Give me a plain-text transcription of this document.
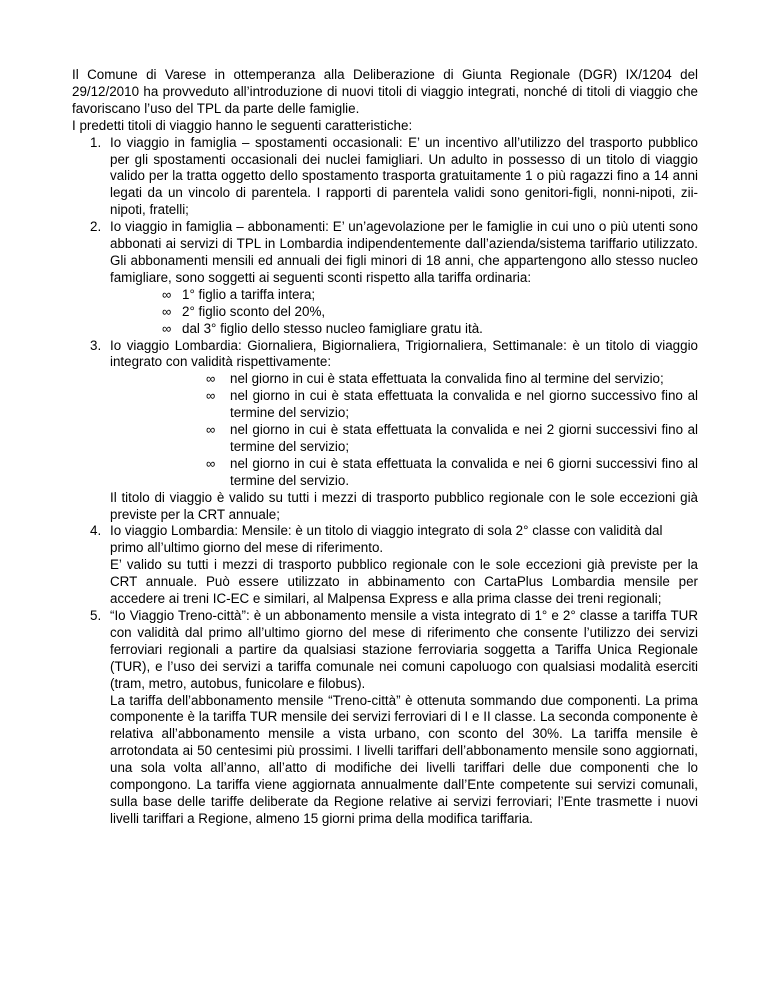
Il Comune di Varese in ottemperanza alla Deliberazione di Giunta Regionale (DGR) IX/1204 del 29/12/2010 ha provveduto all’introduzione di nuovi titoli di viaggio integrati, nonché di titoli di viaggio che favoriscano l’uso del TPL da parte delle famiglie.

I predetti titoli di viaggio hanno le seguenti caratteristiche:

1. Io viaggio in famiglia – spostamenti occasionali: E’ un incentivo all’utilizzo del trasporto pubblico per gli spostamenti occasionali dei nuclei famigliari. Un adulto in possesso di un titolo di viaggio valido per la tratta oggetto dello spostamento trasporta gratuitamente 1 o più ragazzi fino a 14 anni legati da un vincolo di parentela. I rapporti di parentela validi sono genitori-figli, nonni-nipoti, zii-nipoti, fratelli;

2. Io viaggio in famiglia – abbonamenti: E’ un’agevolazione per le famiglie in cui uno o più utenti sono abbonati ai servizi di TPL in Lombardia indipendentemente dall’azienda/sistema tariffario utilizzato. Gli abbonamenti mensili ed annuali dei figli minori di 18 anni, che appartengono allo stesso nucleo famigliare, sono soggetti ai seguenti sconti rispetto alla tariffa ordinaria:

∞ 1° figlio a tariffa intera;
∞ 2° figlio sconto del 20%,
∞ dal 3° figlio dello stesso nucleo famigliare gratu ità.
3. Io viaggio Lombardia: Giornaliera, Bigiornaliera, Trigiornaliera, Settimanale: è un titolo di viaggio integrato con validità rispettivamente:

∞ nel giorno in cui è stata effettuata la convalida fino al termine del servizio;

∞ nel giorno in cui è stata effettuata la convalida e nel giorno successivo fino al termine del servizio;

∞ nel giorno in cui è stata effettuata la convalida e nei 2 giorni successivi fino al termine del servizio;

∞ nel giorno in cui è stata effettuata la convalida e nei 6 giorni successivi fino al termine del servizio.

Il titolo di viaggio è valido su tutti i mezzi di trasporto pubblico regionale con le sole eccezioni già previste per la CRT annuale;

4. Io viaggio Lombardia: Mensile: è un titolo di viaggio integrato di sola 2° classe con validità dal primo all’ultimo giorno del mese di riferimento.

E’ valido su tutti i mezzi di trasporto pubblico regionale con le sole eccezioni già previste per la CRT annuale. Può essere utilizzato in abbinamento con CartaPlus Lombardia mensile per accedere ai treni IC-EC e similari, al Malpensa Express e alla prima classe dei treni regionali;

5. “Io Viaggio Treno-città”: è un abbonamento mensile a vista integrato di 1° e 2° classe a tariffa TUR con validità dal primo all’ultimo giorno del mese di riferimento che consente l’utilizzo dei servizi ferroviari regionali a partire da qualsiasi stazione ferroviaria soggetta a Tariffa Unica Regionale (TUR), e l’uso dei servizi a tariffa comunale nei comuni capoluogo con qualsiasi modalità eserciti (tram, metro, autobus, funicolare e filobus).

La tariffa dell’abbonamento mensile “Treno-città” è ottenuta sommando due componenti. La prima componente è la tariffa TUR mensile dei servizi ferroviari di I e II classe. La seconda componente è relativa all’abbonamento mensile a vista urbano, con sconto del 30%. La tariffa mensile è arrotondata ai 50 centesimi più prossimi. I livelli tariffari dell’abbonamento mensile sono aggiornati, una sola volta all’anno, all’atto di modifiche dei livelli tariffari delle due componenti che lo compongono. La tariffa viene aggiornata annualmente dall’Ente competente sui servizi comunali, sulla base delle tariffe deliberate da Regione relative ai servizi ferroviari; l’Ente trasmette i nuovi livelli tariffari a Regione, almeno 15 giorni prima della modifica tariffaria.
